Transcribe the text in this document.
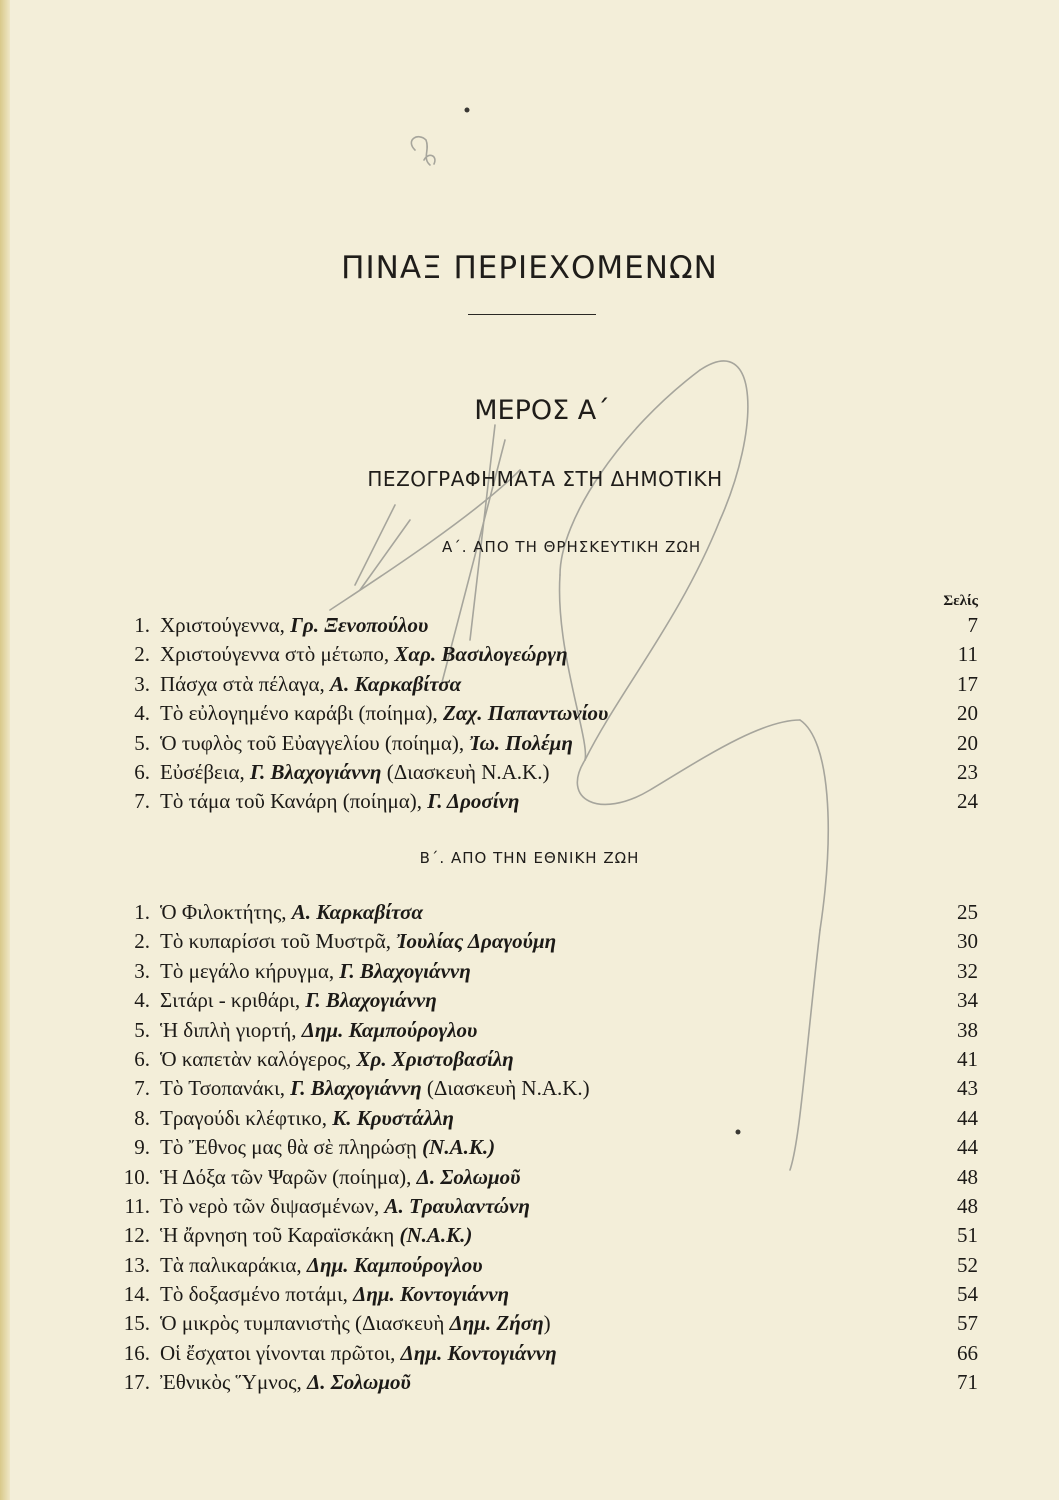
ΠΙΝΑΞ ΠΕΡΙΕΧΟΜΕΝΩΝ
ΜΕΡΟΣ Α΄
ΠΕΖΟΓΡΑΦΗΜΑΤΑ ΣΤΗ ΔΗΜΟΤΙΚΗ
Α΄. ΑΠΟ ΤΗ ΘΡΗΣΚΕΥΤΙΚΗ ΖΩΗ
Σελίς
1. Χριστούγεννα, Γρ. Ξενοπούλου	7
2. Χριστούγεννα στὸ μέτωπο, Χαρ. Βασιλογεώργη	11
3. Πάσχα στὰ πέλαγα, Α. Καρκαβίτσα	17
4. Τὸ εὐλογημένο καράβι (ποίημα), Ζαχ. Παπαντωνίου	20
5. Ὁ τυφλὸς τοῦ Εὐαγγελίου (ποίημα), Ἰω. Πολέμη	20
6. Εὐσέβεια, Γ. Βλαχογιάννη (Διασκευὴ Ν.Α.Κ.)	23
7. Τὸ τάμα τοῦ Κανάρη (ποίημα), Γ. Δροσίνη	24
Β΄. ΑΠΟ ΤΗΝ ΕΘΝΙΚΗ ΖΩΗ
1. Ὁ Φιλοκτήτης, Α. Καρκαβίτσα	25
2. Τὸ κυπαρίσσι τοῦ Μυστρᾶ, Ἰουλίας Δραγούμη	30
3. Τὸ μεγάλο κήρυγμα, Γ. Βλαχογιάννη	32
4. Σιτάρι - κριθάρι, Γ. Βλαχογιάννη	34
5. Ἡ διπλὴ γιορτή, Δημ. Καμπούρογλου	38
6. Ὁ καπετὰν καλόγερος, Χρ. Χριστοβασίλη	41
7. Τὸ Τσοπανάκι, Γ. Βλαχογιάννη (Διασκευὴ Ν.Α.Κ.)	43
8. Τραγούδι κλέφτικο, Κ. Κρυστάλλη	44
9. Τὸ Ἔθνος μας θὰ σὲ πληρώσῃ (Ν.Α.Κ.)	44
10. Ἡ Δόξα τῶν Ψαρῶν (ποίημα), Δ. Σολωμοῦ	48
11. Τὸ νερὸ τῶν διψασμένων, Α. Τραυλαντώνη	48
12. Ἡ ἄρνηση τοῦ Καραϊσκάκη (Ν.Α.Κ.)	51
13. Τὰ παλικαράκια, Δημ. Καμπούρογλου	52
14. Τὸ δοξασμένο ποτάμι, Δημ. Κοντογιάννη	54
15. Ὁ μικρὸς τυμπανιστὴς (Διασκευὴ Δημ. Ζήση)	57
16. Οἱ ἔσχατοι γίνονται πρῶτοι, Δημ. Κοντογιάννη	66
17. Ἐθνικὸς Ὕμνος, Δ. Σολωμοῦ	71
